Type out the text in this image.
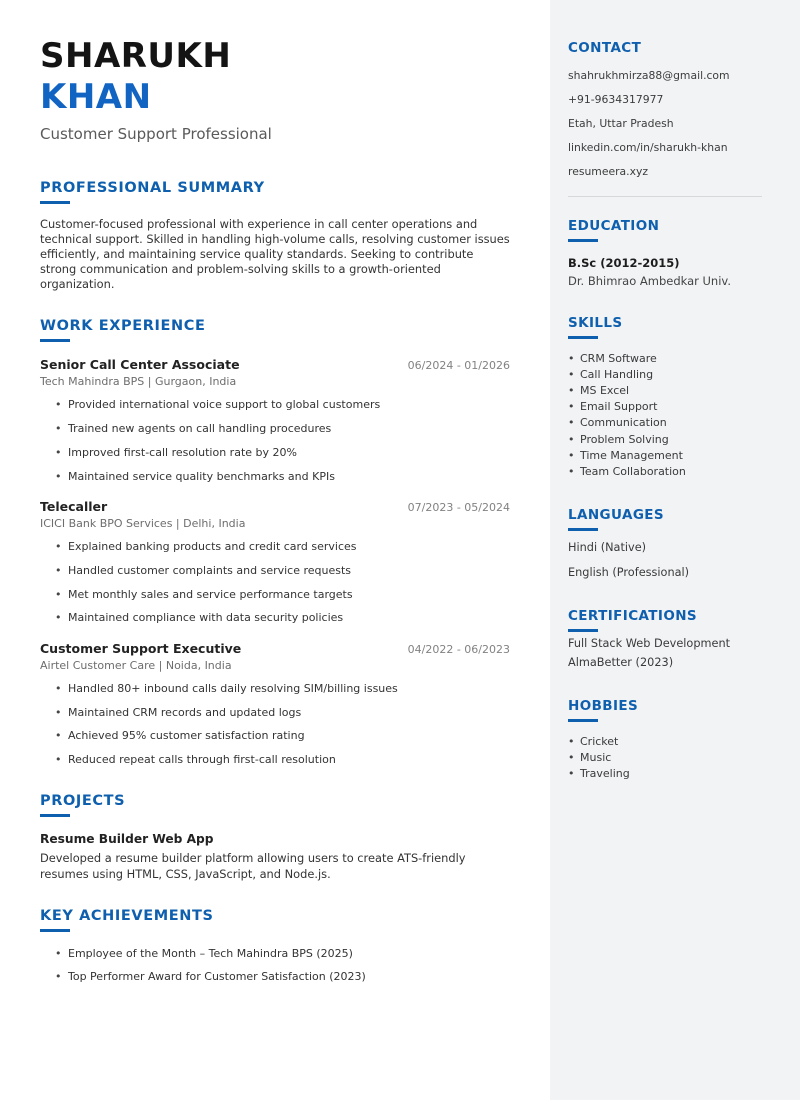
SHARUKH
KHAN
Customer Support Professional
PROFESSIONAL SUMMARY
Customer-focused professional with experience in call center operations and technical support. Skilled in handling high-volume calls, resolving customer issues efficiently, and maintaining service quality standards. Seeking to contribute strong communication and problem-solving skills to a growth-oriented organization.
WORK EXPERIENCE
Senior Call Center Associate	06/2024 - 01/2026
Tech Mahindra BPS | Gurgaon, India
• Provided international voice support to global customers
• Trained new agents on call handling procedures
• Improved first-call resolution rate by 20%
• Maintained service quality benchmarks and KPIs
Telecaller	07/2023 - 05/2024
ICICI Bank BPO Services | Delhi, India
• Explained banking products and credit card services
• Handled customer complaints and service requests
• Met monthly sales and service performance targets
• Maintained compliance with data security policies
Customer Support Executive	04/2022 - 06/2023
Airtel Customer Care | Noida, India
• Handled 80+ inbound calls daily resolving SIM/billing issues
• Maintained CRM records and updated logs
• Achieved 95% customer satisfaction rating
• Reduced repeat calls through first-call resolution
PROJECTS
Resume Builder Web App
Developed a resume builder platform allowing users to create ATS-friendly resumes using HTML, CSS, JavaScript, and Node.js.
KEY ACHIEVEMENTS
• Employee of the Month – Tech Mahindra BPS (2025)
• Top Performer Award for Customer Satisfaction (2023)
CONTACT
shahrukhmirza88@gmail.com
+91-9634317977
Etah, Uttar Pradesh
linkedin.com/in/sharukh-khan
resumeera.xyz
EDUCATION
B.Sc (2012-2015)
Dr. Bhimrao Ambedkar Univ.
SKILLS
• CRM Software
• Call Handling
• MS Excel
• Email Support
• Communication
• Problem Solving
• Time Management
• Team Collaboration
LANGUAGES
Hindi (Native)
English (Professional)
CERTIFICATIONS
Full Stack Web Development
AlmaBetter (2023)
HOBBIES
• Cricket
• Music
• Traveling
